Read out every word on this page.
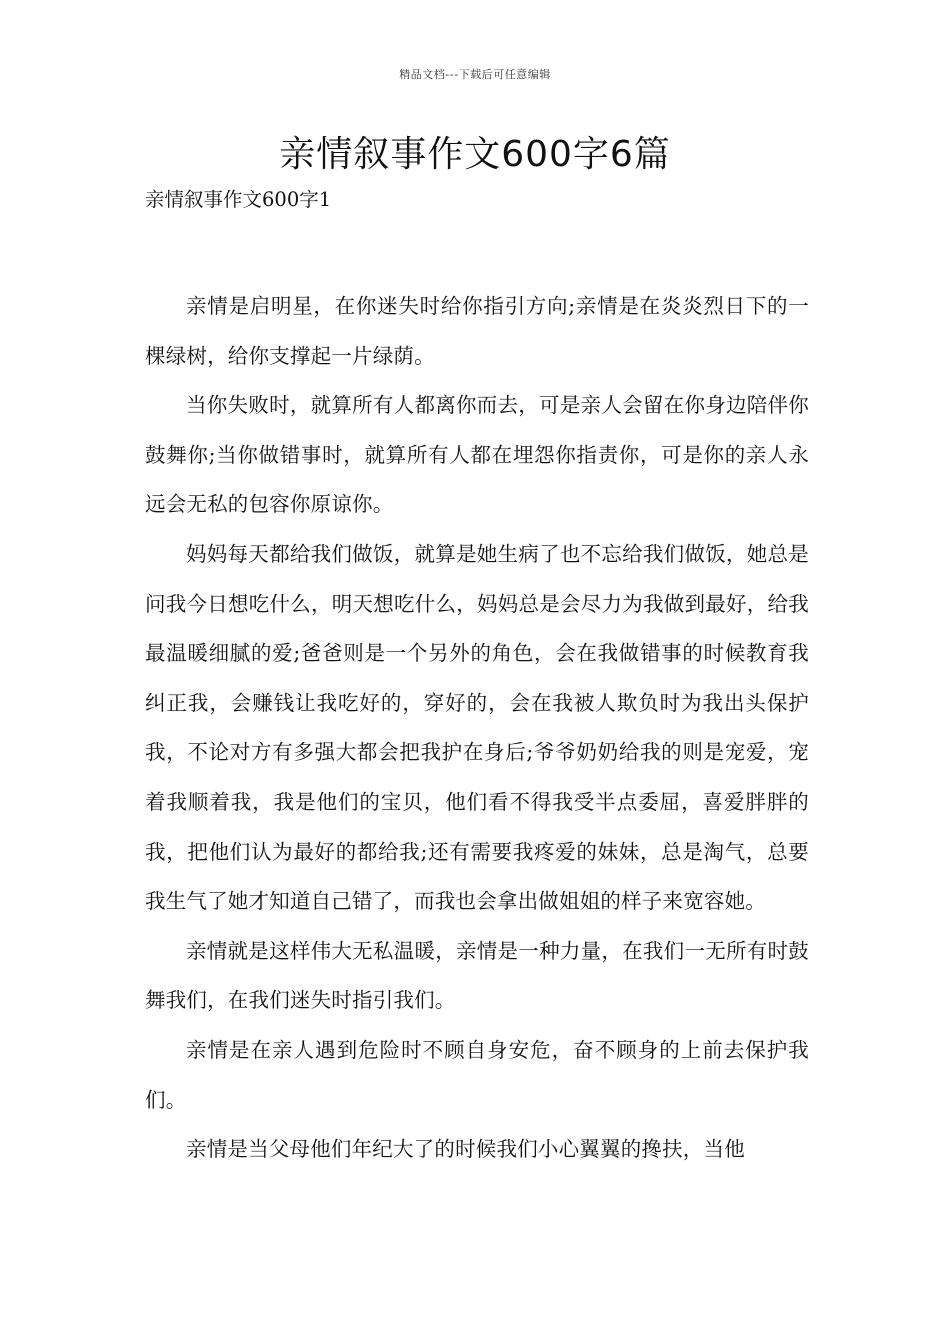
精品文档---下载后可任意编辑
亲情叙事作文600字6篇
亲情叙事作文600字1

亲情是启明星，在你迷失时给你指引方向;亲情是在炎炎烈日下的一棵绿树，给你支撑起一片绿荫。

当你失败时，就算所有人都离你而去，可是亲人会留在你身边陪伴你鼓舞你;当你做错事时，就算所有人都在埋怨你指责你，可是你的亲人永远会无私的包容你原谅你。

妈妈每天都给我们做饭，就算是她生病了也不忘给我们做饭，她总是问我今日想吃什么，明天想吃什么，妈妈总是会尽力为我做到最好，给我最温暖细腻的爱;爸爸则是一个另外的角色，会在我做错事的时候教育我纠正我，会赚钱让我吃好的，穿好的，会在我被人欺负时为我出头保护我，不论对方有多强大都会把我护在身后;爷爷奶奶给我的则是宠爱，宠着我顺着我，我是他们的宝贝，他们看不得我受半点委屈，喜爱胖胖的我，把他们认为最好的都给我;还有需要我疼爱的妹妹，总是淘气，总要我生气了她才知道自己错了，而我也会拿出做姐姐的样子来宽容她。

亲情就是这样伟大无私温暖，亲情是一种力量，在我们一无所有时鼓舞我们，在我们迷失时指引我们。

亲情是在亲人遇到危险时不顾自身安危，奋不顾身的上前去保护我们。

亲情是当父母他们年纪大了的时候我们小心翼翼的搀扶，当他
